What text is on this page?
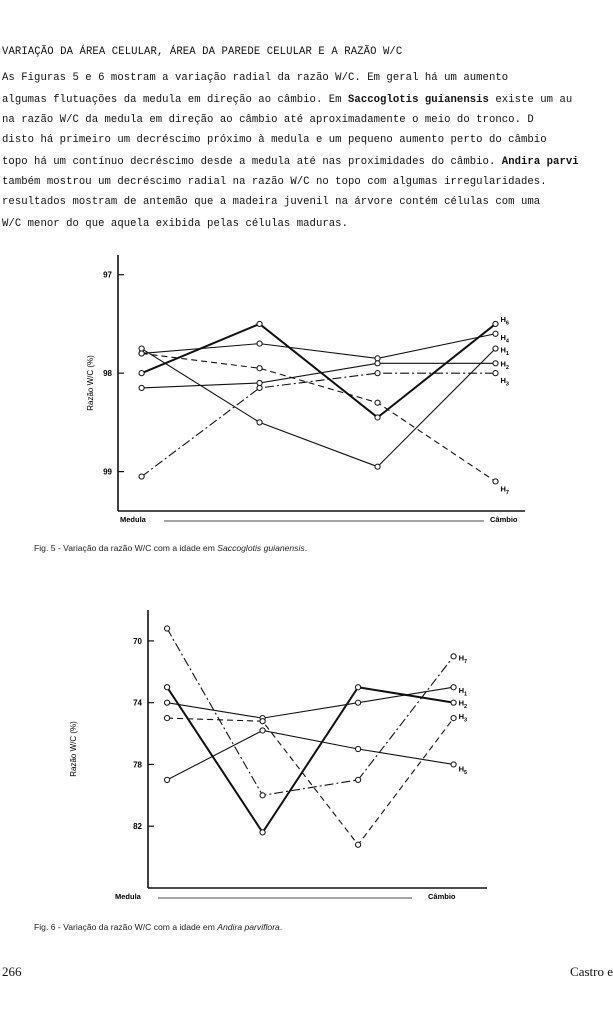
VARIAÇÃO DA ÁREA CELULAR, ÁREA DA PAREDE CELULAR E A RAZÃO W/C
As Figuras 5 e 6 mostram a variação radial da razão W/C. Em geral há um aumento
algumas flutuações da medula em direção ao câmbio. Em Saccoglotis guianensis existe um au
na razão W/C da medula em direção ao câmbio até aproximadamente o meio do tronco. D
disto há primeiro um decréscimo próximo à medula e um pequeno aumento perto do câmbio
topo há um contínuo decréscimo desde a medula até nas proximidades do câmbio. Andira parvi
também mostrou um decréscimo radial na razão W/C no topo com algumas irregularidades.
resultados mostram de antemão que a madeira juvenil na árvore contém células com uma
W/C menor do que aquela exibida pelas células maduras.
99
98
97
Razão W/C (%)
Medula	Câmbio
$H_6$
$H_4$
$H_1$
$H_2$
$H_3$
$H_7$
Fig. 5 - Variação da razão W/C com a idade em Saccoglotis guianensis.
82
78
74
70
Razão W/C (%)
Medula	Câmbio
$H_7$
$H_2$
$H_1$
$H_3$
$H_5$
Fig. 6 - Variação da razão W/C com a idade em Andira parviflora.
266	Castro e
